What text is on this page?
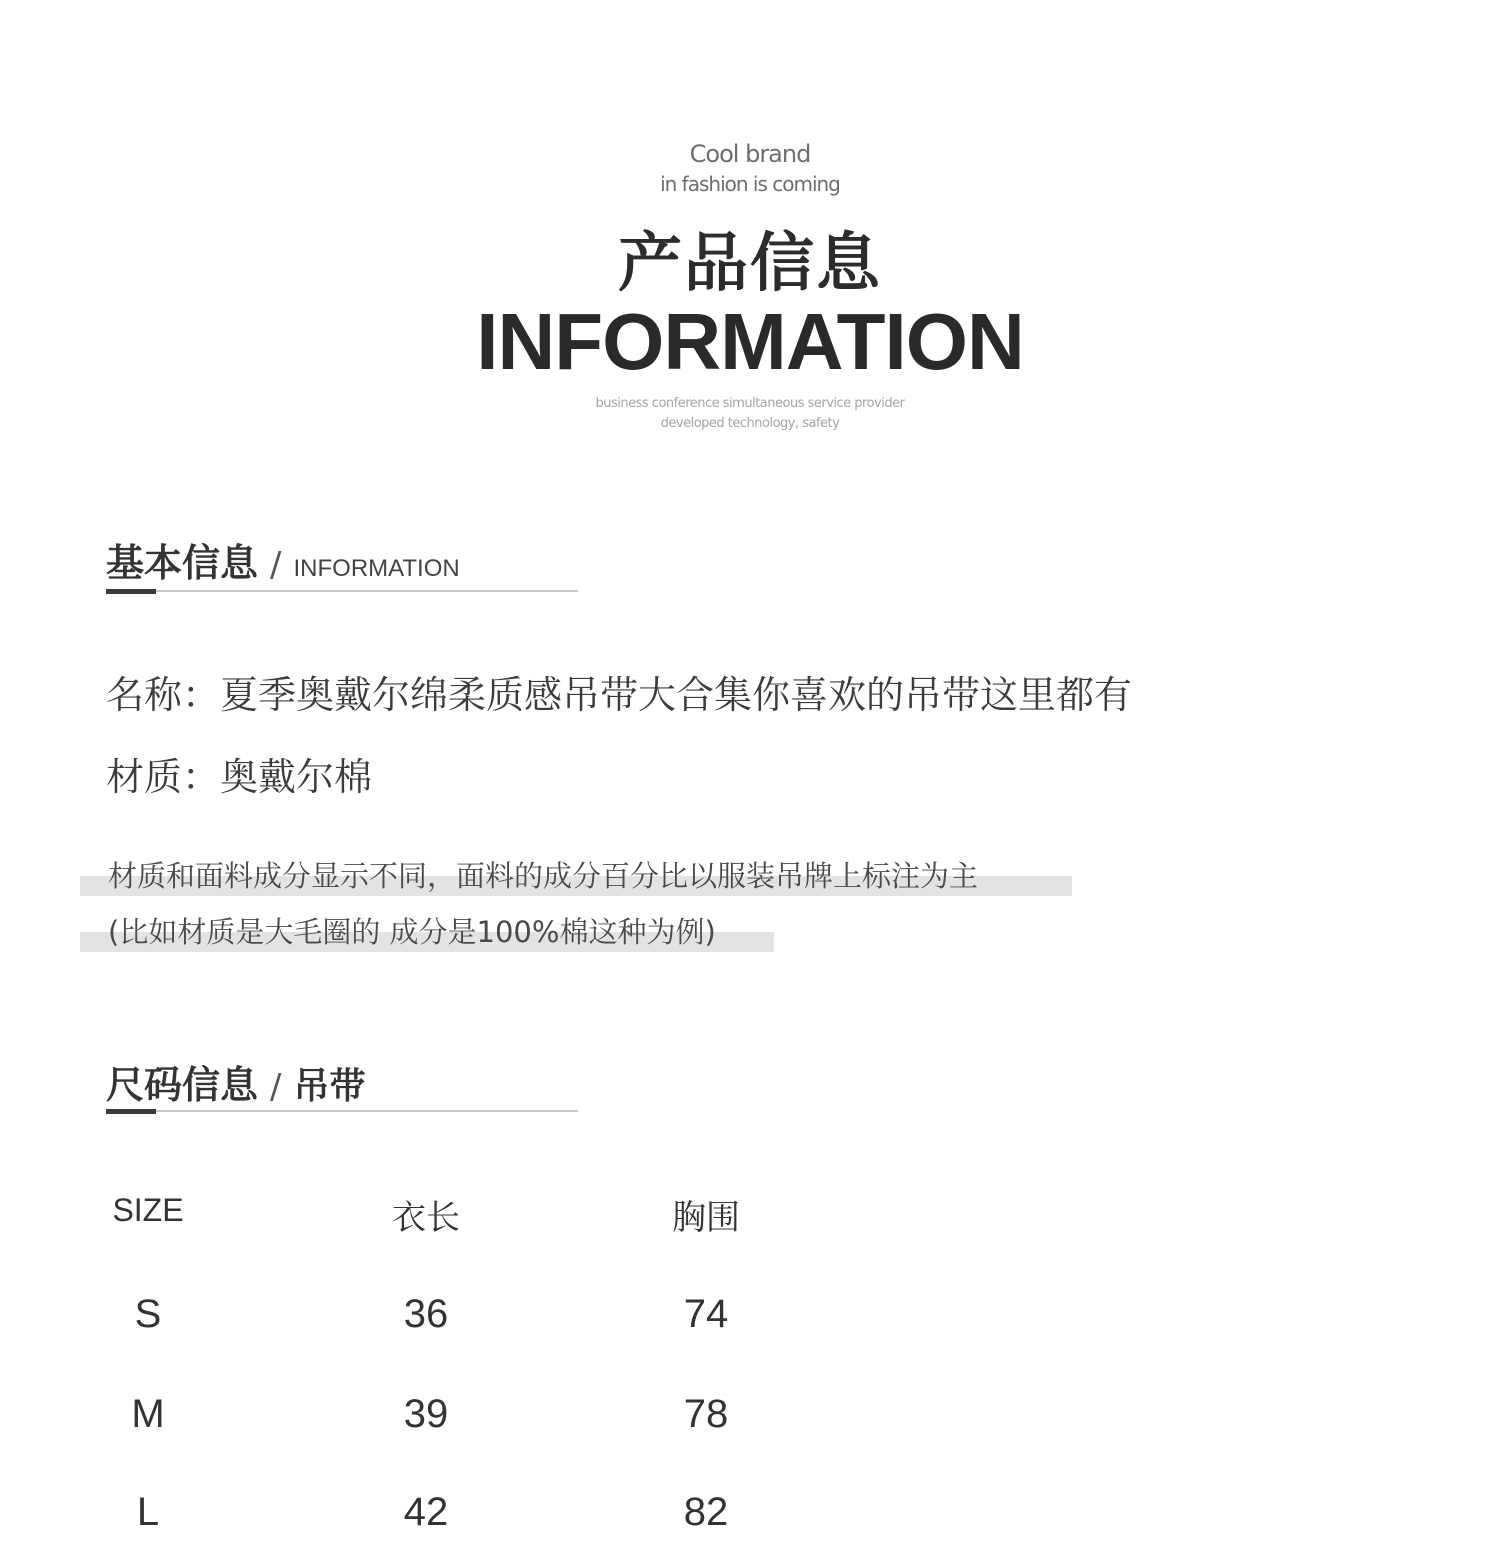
Cool brand
in fashion is coming
产品信息
INFORMATION
business conference simultaneous service provider
developed technology, safety
基本信息 / INFORMATION
名称：夏季奥戴尔绵柔质感吊带大合集你喜欢的吊带这里都有
材质：奥戴尔棉
材质和面料成分显示不同，面料的成分百分比以服装吊牌上标注为主
(比如材质是大毛圈的 成分是100%棉这种为例)
尺码信息 / 吊带
SIZE	衣长	胸围
S	36	74
M	39	78
L	42	82
